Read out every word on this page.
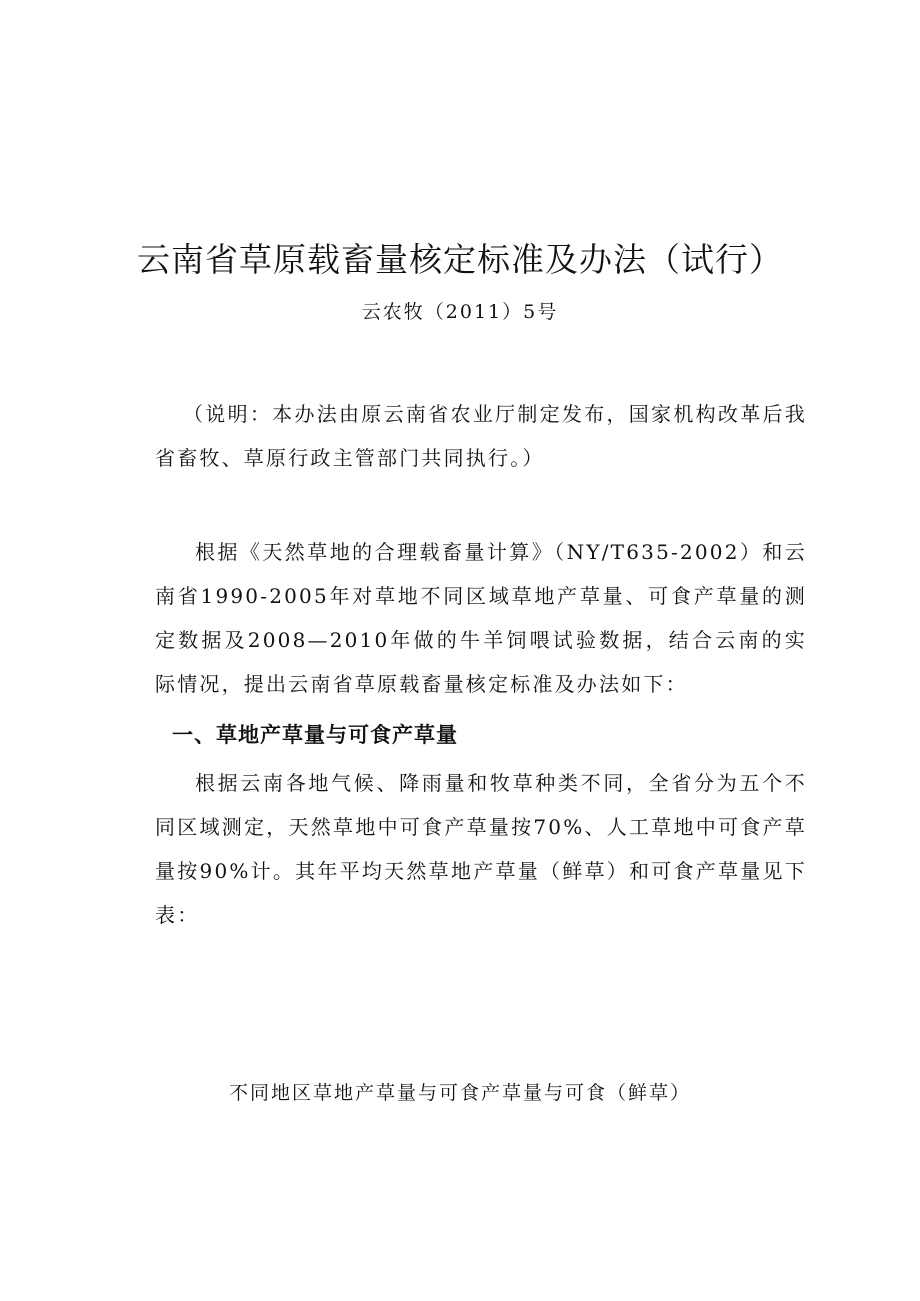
云南省草原载畜量核定标准及办法（试行）
云农牧（2011）5号

（说明：本办法由原云南省农业厅制定发布，国家机构改革后我省畜牧、草原行政主管部门共同执行。）

根据《天然草地的合理载畜量计算》（NY/T635-2002）和云南省1990-2005年对草地不同区域草地产草量、可食产草量的测定数据及2008—2010年做的牛羊饲喂试验数据，结合云南的实际情况，提出云南省草原载畜量核定标准及办法如下：

一、草地产草量与可食产草量

根据云南各地气候、降雨量和牧草种类不同，全省分为五个不同区域测定，天然草地中可食产草量按70%、人工草地中可食产草量按90%计。其年平均天然草地产草量（鲜草）和可食产草量见下表：

不同地区草地产草量与可食产草量与可食（鲜草）
